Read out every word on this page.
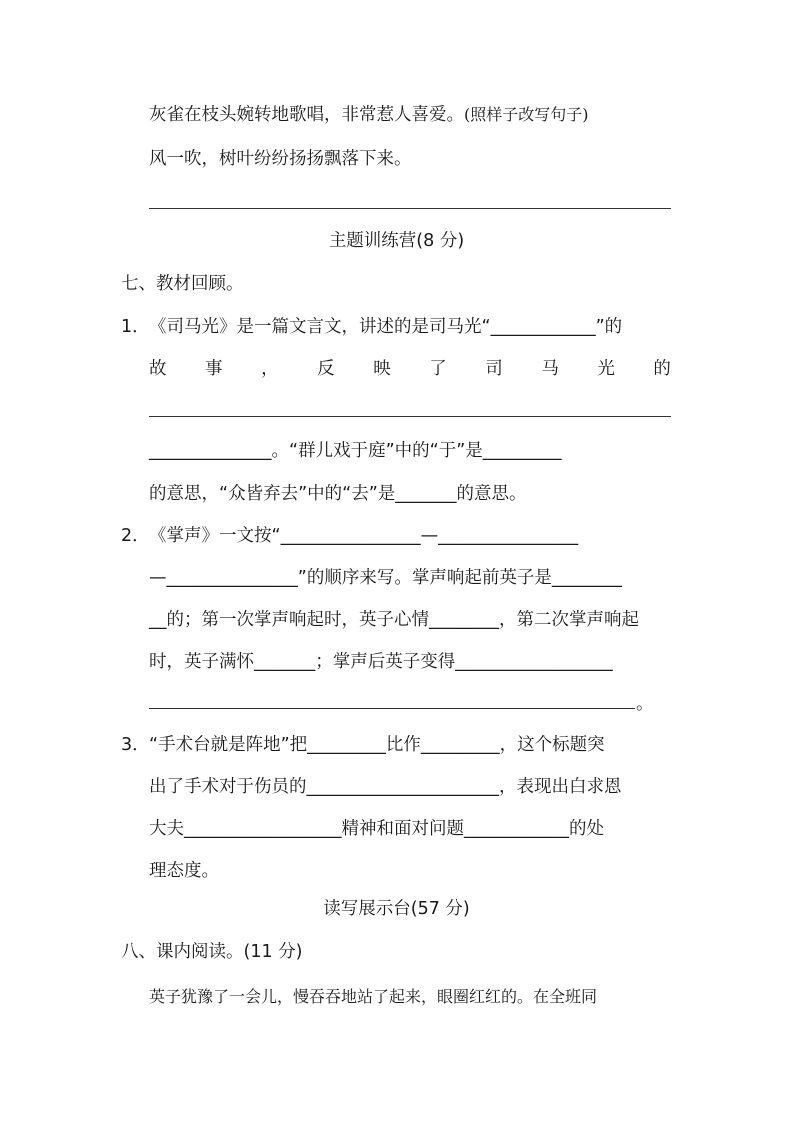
灰雀在枝头婉转地歌唱，非常惹人喜爱。(照样子改写句子)
风一吹，树叶纷纷扬扬飘落下来。
主题训练营(8 分)
七、教材回顾。
1． 《司马光》是一篇文言文，讲述的是司马光“____________”的
故 事 ， 反 映 了 司 马 光 的
______________。“群儿戏于庭”中的“于”是_________
的意思，“众皆弃去”中的“去”是_______的意思。
2． 《掌声》一文按“________________—________________
—_______________”的顺序来写。掌声响起前英子是________
__的；第一次掌声响起时，英子心情________，第二次掌声响起
时，英子满怀_______；掌声后英子变得__________________
。
3． “手术台就是阵地”把_________比作_________，这个标题突
出了手术对于伤员的______________________，表现出白求恩
大夫__________________精神和面对问题____________的处
理态度。
读写展示台(57 分)
八、课内阅读。(11 分)
英子犹豫了一会儿，慢吞吞地站了起来，眼圈红红的。在全班同
